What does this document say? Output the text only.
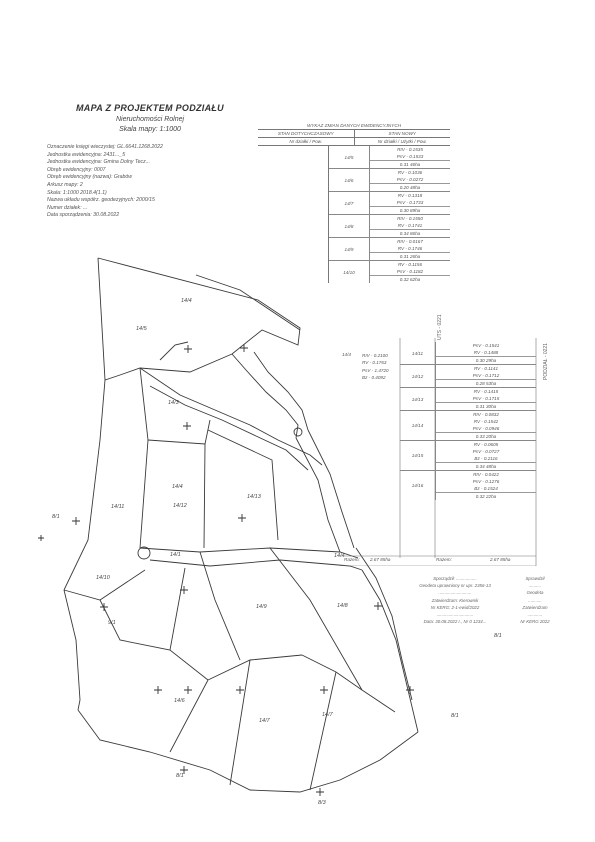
MAPA Z PROJEKTEM PODZIAŁU
Nieruchomości Rolnej
Skala mapy: 1:1000
Oznaczenie księgi wieczystej: GL.6641.1268.2022
Jednostka ewidencyjna: 2431..._5
Jednostka ewidencyjna: Gmina Dolny Tecz...
Obręb ewidencyjny: 0007
Obręb ewidencyjny (nazwa): Grabów
Arkusz mapy: 2
Skala: 1:1000 2018.4(1.1)
Nazwa układu współrz. geodezyjnych: 2000/15
Numer działek: ...
Data sporządzenia: 30.08.2022
14/5
14/3
14/4
14/4
14/12
14/11
14/13
14/1
14/10
14/9	14/8
14/6
14/7
14/7
14/4
8/1
9/1
8/1
8/1
8/3
8/1
WYKAZ ZMIAN DANYCH EWIDENCYJNYCH
STAN DOTYCHCZASOWY	STAN NOWY
Nr działki / Pow.	Nr działki / Użytki / Pow.
14/5
RIV - 0.1535
PsV - 0.1533
0.31 46ha
14/6
RV - 0.1036
PsV - 0.0272
0.20 48ha
14/7
RV - 0.1318
PsV - 0.1733
0.30 89ha
14/8
RIV - 0.1550
RV - 0.1741
0.34 86ha
14/9
RIV - 0.0167
RV - 0.1746
0.31 26ha
14/10
RV - 0.1156
PsV - 0.1182
0.32 62ha
UTS - 0221
14/4	RIV - 0.2100
RV - 0.1763
PsV - 1.4720
Bz - 0.4092
14/11
PsV - 0.1541
RV - 0.1488
0.30 29ha
14/12
RV - 0.1141
PsV - 0.1712
0.28 53ha
14/13
RV - 0.1415
PsV - 0.1715
0.31 30ha
14/14
RIV - 0.0832
RV - 0.1542
PsV - 0.0946
0.33 20ha
14/15
RV - 0.0605
PsV - 0.0727
Bz - 0.2116
0.34 48ha
14/16
RIV - 0.0422
PsV - 0.1276
Bz - 0.1524
0.32 22ha
Razem: 2.67 85ha	Razem:	2.67 85ha
PODZIAŁ - 0221
Sporządził: .................
Geodeta uprawniony nr upr. 2356-13
...........................
Zatwierdzam: Kierownik
Nr KERG: 2-1-ewid/2022
..............................
Data: 30.08.2022 r., Nr 0 1234...
Sprawdził
..........
Geodeta
...........
Zatwierdzam
............
Nr KERG 2022
